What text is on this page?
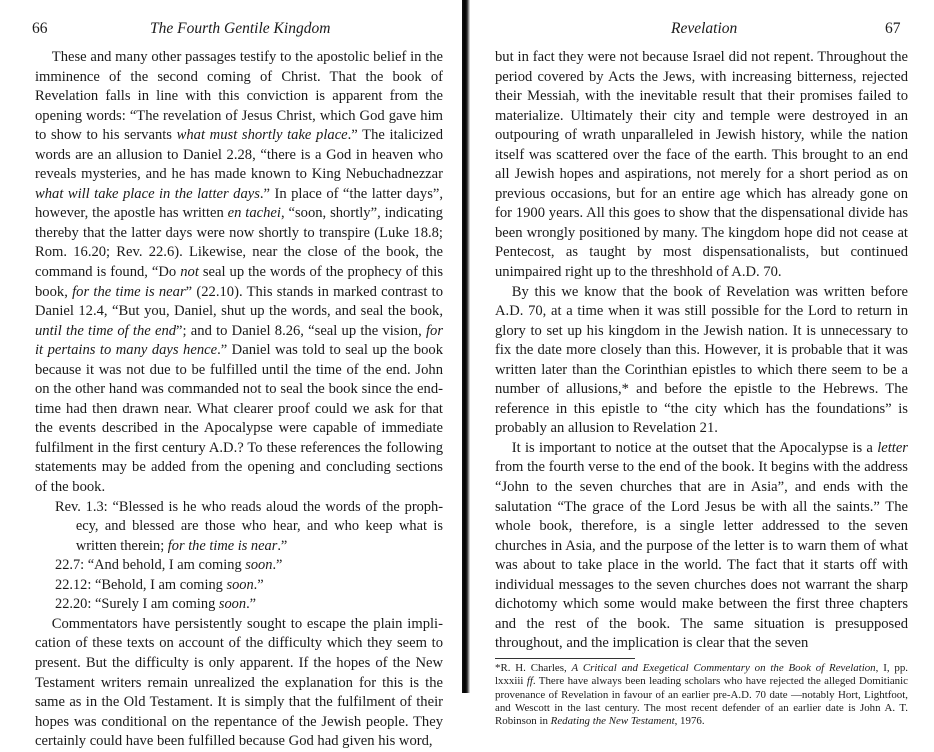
66	The Fourth Gentile Kingdom

These and many other passages testify to the apostolic belief in the imminence of the second coming of Christ. That the book of Revelation falls in line with this conviction is apparent from the opening words: “The revelation of Jesus Christ, which God gave him to show to his servants what must shortly take place.” The italicized words are an allusion to Daniel 2.28, “there is a God in heaven who reveals mysteries, and he has made known to King Nebuchadnezzar what will take place in the latter days.” In place of “the latter days”, however, the apostle has written en tachei, “soon, shortly”, indicating thereby that the latter days were now shortly to transpire (Luke 18.8; Rom. 16.20; Rev. 22.6). Likewise, near the close of the book, the command is found, “Do not seal up the words of the prophecy of this book, for the time is near” (22.10). This stands in marked contrast to Daniel 12.4, “But you, Daniel, shut up the words, and seal the book, until the time of the end”; and to Daniel 8.26, “seal up the vision, for it pertains to many days hence.” Daniel was told to seal up the book because it was not due to be fulfilled until the time of the end. John on the other hand was commanded not to seal the book since the end-time had then drawn near. What clearer proof could we ask for that the events described in the Apocalypse were capable of immediate fulfilment in the first century A.D.? To these references the following statements may be added from the opening and concluding sections of the book.

Rev. 1.3: “Blessed is he who reads aloud the words of the prophecy, and blessed are those who hear, and who keep what is written therein; for the time is near.”

22.7: “And behold, I am coming soon.”

22.12: “Behold, I am coming soon.”

22.20: “Surely I am coming soon.”

Commentators have persistently sought to escape the plain implication of these texts on account of the difficulty which they seem to present. But the difficulty is only apparent. If the hopes of the New Testament writers remain unrealized the explanation for this is the same as in the Old Testament. It is simply that the fulfilment of their hopes was conditional on the repentance of the Jewish people. They certainly could have been fulfilled because God had given his word,

Revelation	67

but in fact they were not because Israel did not repent. Throughout the period covered by Acts the Jews, with increasing bitterness, rejected their Messiah, with the inevitable result that their promises failed to materialize. Ultimately their city and temple were destroyed in an outpouring of wrath unparalleled in Jewish history, while the nation itself was scattered over the face of the earth. This brought to an end all Jewish hopes and aspirations, not merely for a short period as on previous occasions, but for an entire age which has already gone on for 1900 years. All this goes to show that the dispensational divide has been wrongly positioned by many. The kingdom hope did not cease at Pentecost, as taught by most dispensationalists, but continued unimpaired right up to the threshhold of A.D. 70.

By this we know that the book of Revelation was written before A.D. 70, at a time when it was still possible for the Lord to return in glory to set up his kingdom in the Jewish nation. It is unnecessary to fix the date more closely than this. However, it is probable that it was written later than the Corinthian epistles to which there seem to be a number of allusions,* and before the epistle to the Hebrews. The reference in this epistle to “the city which has the foundations” is probably an allusion to Revelation 21.

It is important to notice at the outset that the Apocalypse is a letter from the fourth verse to the end of the book. It begins with the address “John to the seven churches that are in Asia”, and ends with the salutation “The grace of the Lord Jesus be with all the saints.” The whole book, therefore, is a single letter addressed to the seven churches in Asia, and the purpose of the letter is to warn them of what was about to take place in the world. The fact that it starts off with individual messages to the seven churches does not warrant the sharp dichotomy which some would make between the first three chapters and the rest of the book. The same situation is presupposed throughout, and the implication is clear that the seven

*R. H. Charles, A Critical and Exegetical Commentary on the Book of Revelation, I, pp. lxxxiii ff. There have always been leading scholars who have rejected the alleged Domitianic provenance of Revelation in favour of an earlier pre-A.D. 70 date —notably Hort, Lightfoot, and Wescott in the last century. The most recent defender of an earlier date is John A. T. Robinson in Redating the New Testament, 1976.
